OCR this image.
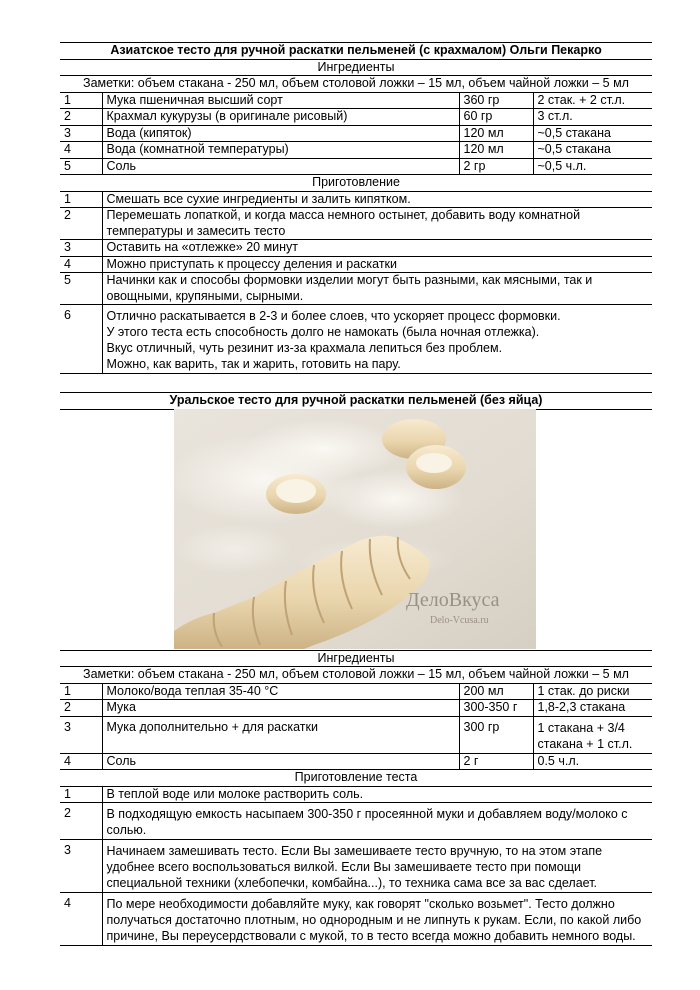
Азиатское тесто для ручной раскатки пельменей (с крахмалом) Ольги Пекарко			
Ингредиенты			
Заметки: объем стакана - 250 мл, объем столовой ложки – 15 мл, объем чайной ложки – 5 мл			
1	Мука пшеничная высший сорт	360 гр	2 стак. + 2 ст.л.
2	Крахмал кукурузы (в оригинале рисовый)	60 гр	3 ст.л.
3	Вода (кипяток)	120 мл	~0,5 стакана
4	Вода (комнатной температуры)	120 мл	~0,5 стакана
5	Соль	2 гр	~0,5 ч.л.
Приготовление			
1	Смешать все сухие ингредиенты и залить кипятком.		
2	Перемешать лопаткой, и когда масса немного остынет, добавить воду комнатной температуры и замесить тесто		
3	Оставить на «отлежке» 20 минут		
4	Можно приступать к процессу деления и раскатки		
5	Начинки как и способы формовки изделии могут быть разными, как мясными, так и овощными, крупяными, сырными.		
6	Отлично раскатывается в 2-3 и более слоев, что ускоряет процесс формовки.
У этого теста есть способность долго не намокать (была ночная отлежка).
Вкус отличный, чуть резинит из-за крахмала лепиться без проблем.
Можно, как варить, так и жарить, готовить на пару.		
Уральское тесто для ручной раскатки пельменей (без яйца)			

Ингредиенты			
Заметки: объем стакана - 250 мл, объем столовой ложки – 15 мл, объем чайной ложки – 5 мл			
1	Молоко/вода теплая 35-40 °С	200 мл	1 стак. до риски
2	Мука	300-350 г	1,8-2,3 стакана
3	Мука дополнительно + для раскатки	300 гр	1 стакана + 3/4 стакана + 1 ст.л.
4	Соль	2 г	0.5 ч.л.
Приготовление теста			
1	В теплой воде или молоке растворить соль.		
2	В подходящую емкость насыпаем 300-350 г просеянной муки и добавляем воду/молоко с солью.		
3	Начинаем замешивать тесто. Если Вы замешиваете тесто вручную, то на этом этапе удобнее всего воспользоваться вилкой. Если Вы замешиваете тесто при помощи специальной техники (хлебопечки, комбайна...), то техника сама все за вас сделает.		
4	По мере необходимости добавляйте муку, как говорят "сколько возьмет". Тесто должно получаться достаточно плотным, но однородным и не липнуть к рукам. Если, по какой либо причине, Вы переусердствовали с мукой, то в тесто всегда можно добавить немного воды.		
ДелоВкуса
Delo-Vcusa.ru
